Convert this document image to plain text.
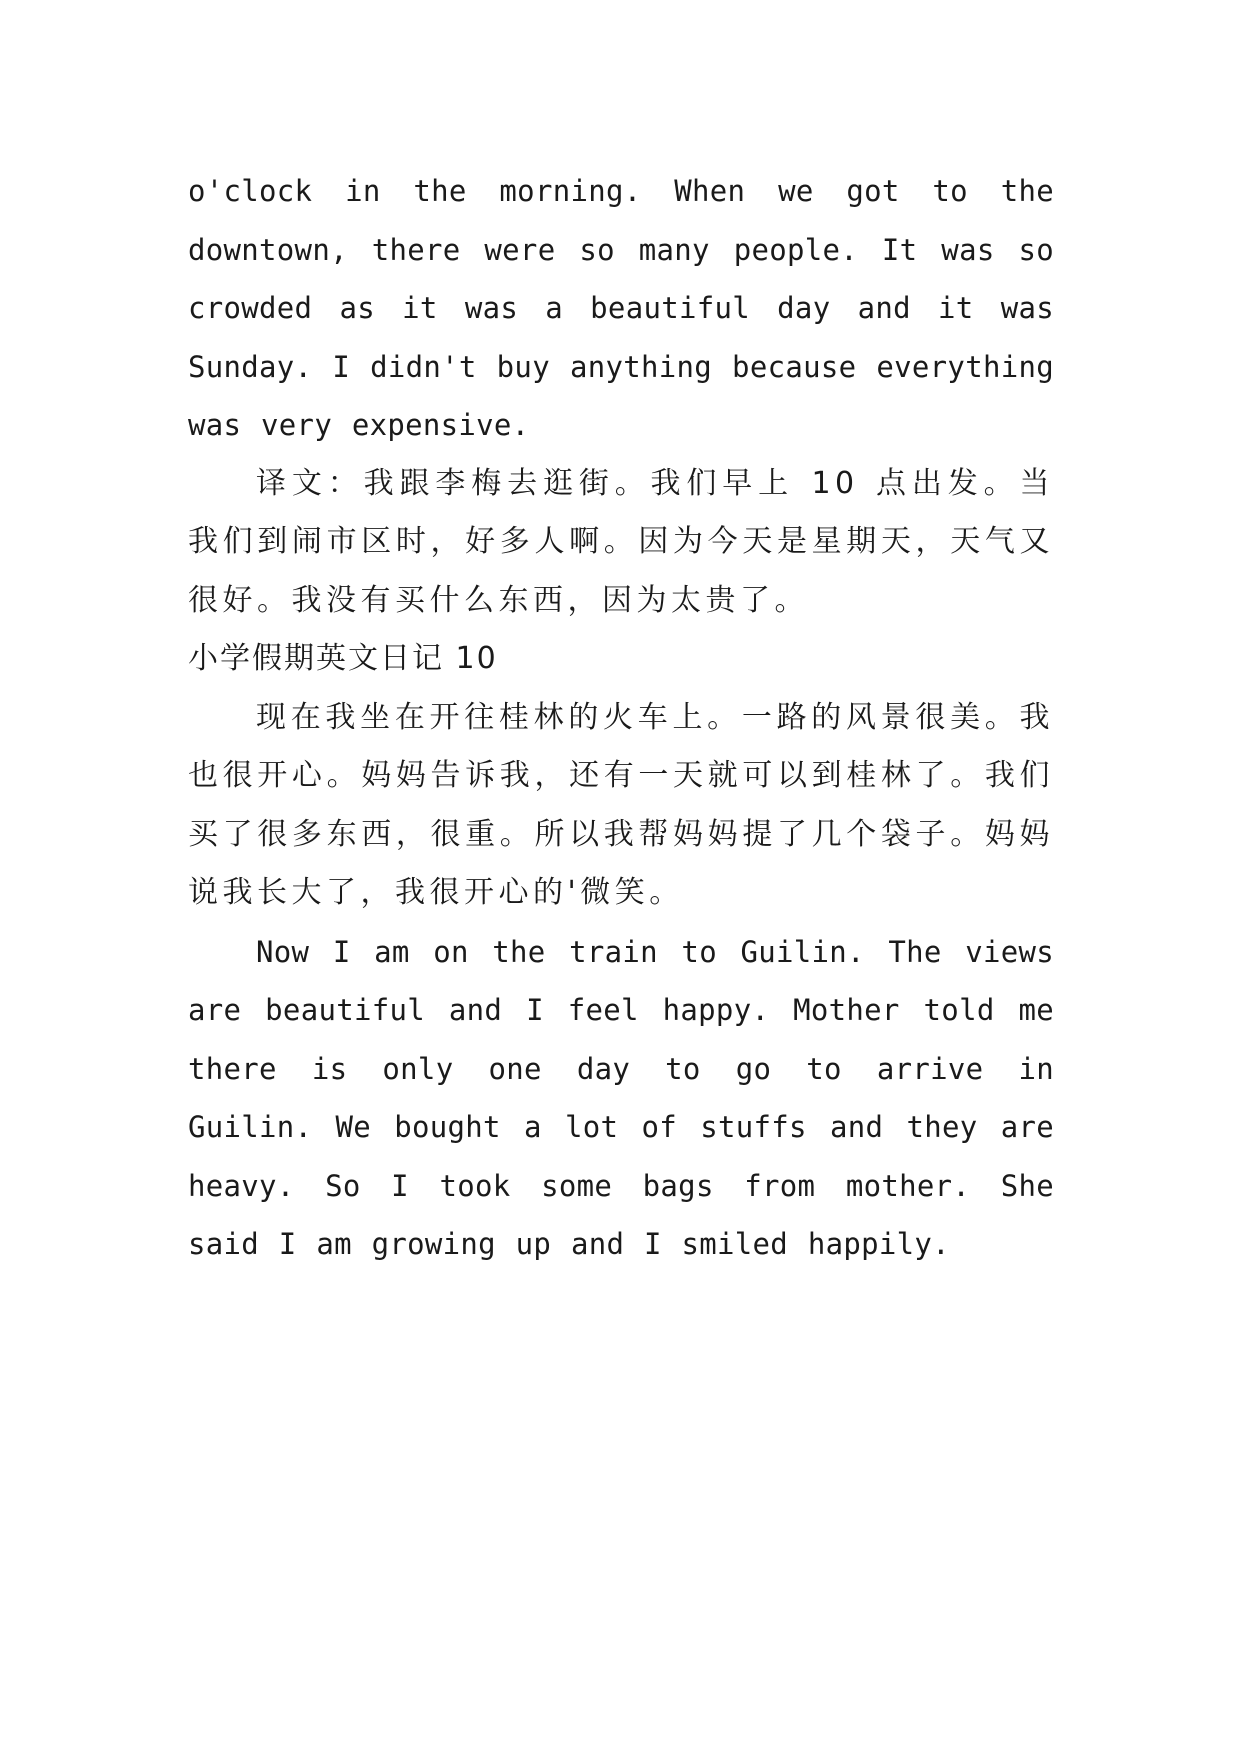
o'clock in the morning. When we got to the downtown, there were so many people. It was so crowded as it was a beautiful day and it was Sunday. I didn't buy anything because everything was very expensive.

译文：我跟李梅去逛街。我们早上 10 点出发。当我们到闹市区时，好多人啊。因为今天是星期天，天气又很好。我没有买什么东西，因为太贵了。

小学假期英文日记 10

现在我坐在开往桂林的火车上。一路的风景很美。我也很开心。妈妈告诉我，还有一天就可以到桂林了。我们买了很多东西，很重。所以我帮妈妈提了几个袋子。妈妈说我长大了，我很开心的'微笑。

Now I am on the train to Guilin. The views are beautiful and I feel happy. Mother told me there is only one day to go to arrive in Guilin. We bought a lot of stuffs and they are heavy. So I took some bags from mother. She said I am growing up and I smiled happily.
